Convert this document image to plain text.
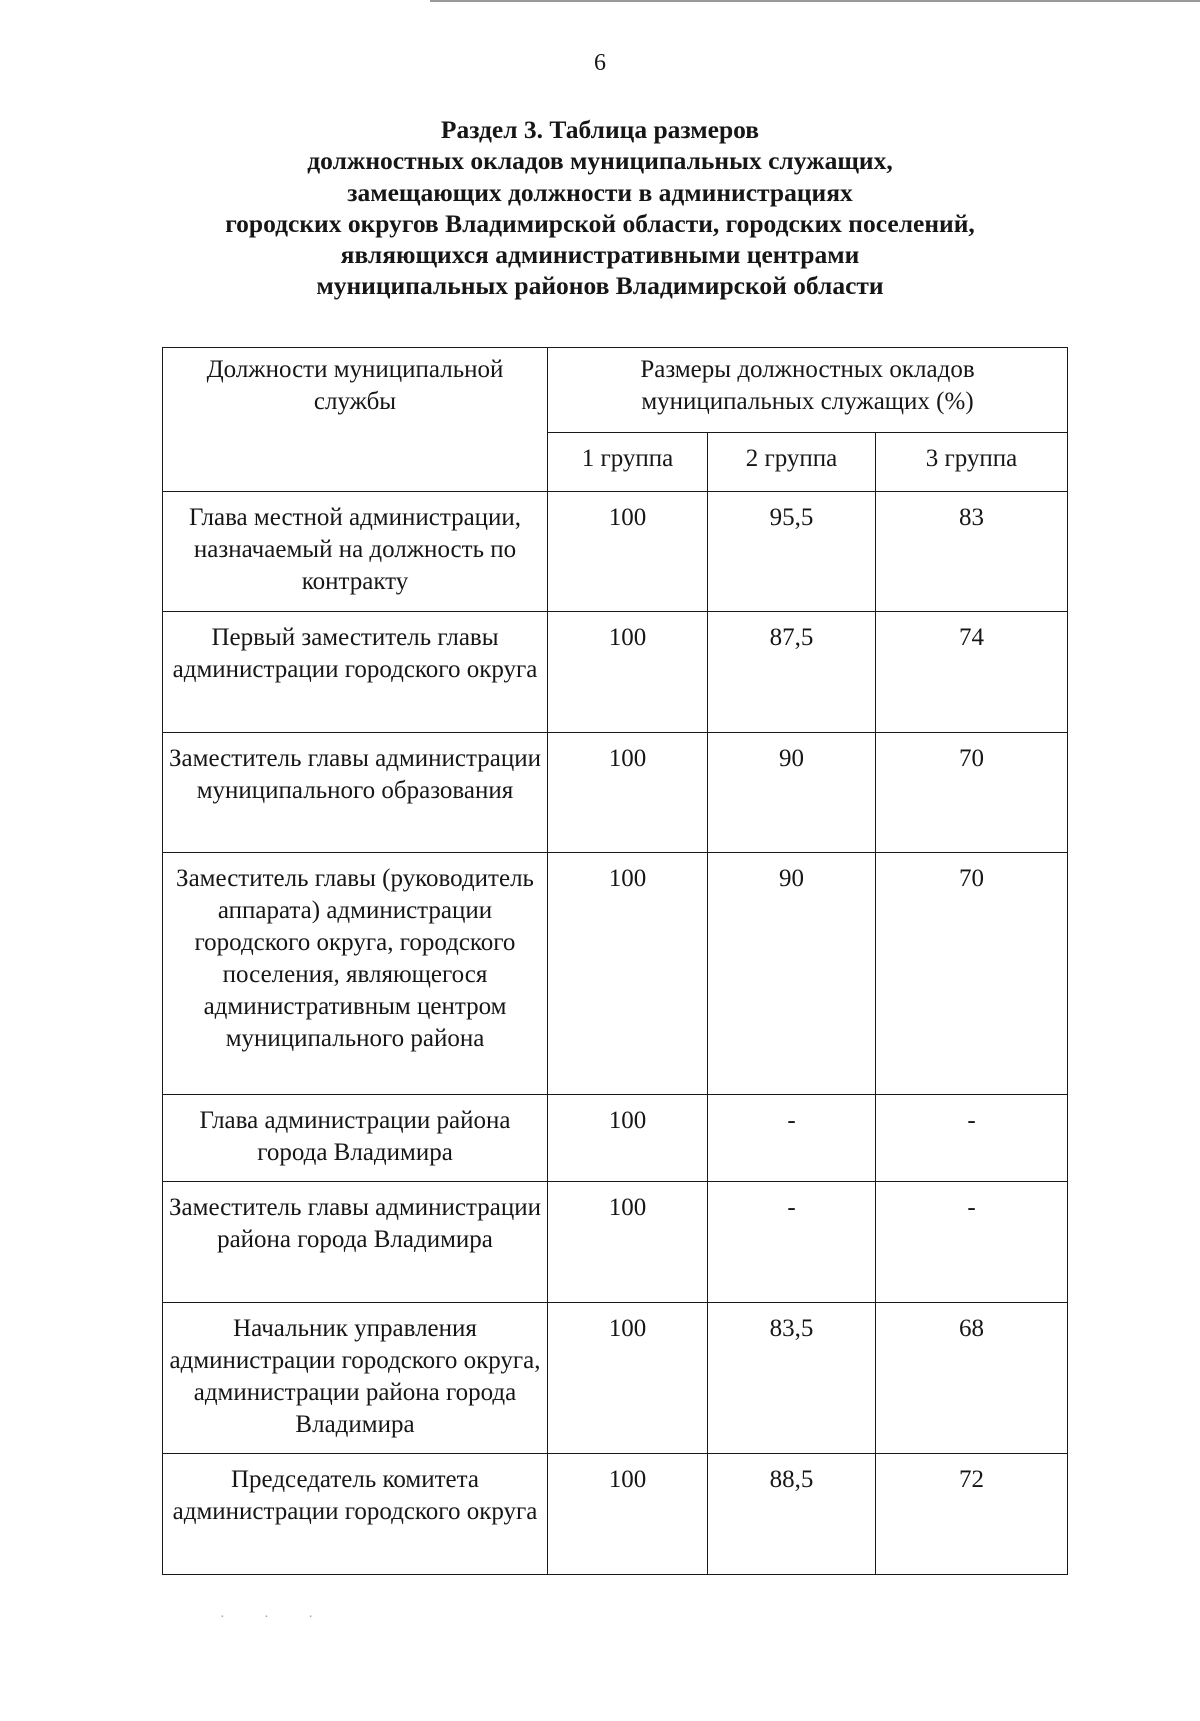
6
Раздел 3. Таблица размеров
должностных окладов муниципальных служащих,
замещающих должности в администрациях
городских округов Владимирской области, городских поселений,
являющихся административными центрами
муниципальных районов Владимирской области
Должности муниципальной службы	Размеры должностных окладов муниципальных служащих (%)		
	1 группа	2 группа	3 группа
Глава местной администрации, назначаемый на должность по контракту	100	95,5	83
Первый заместитель главы администрации городского округа	100	87,5	74
Заместитель главы администрации муниципального образования	100	90	70
Заместитель главы (руководитель аппарата) администрации городского округа, городского поселения, являющегося административным центром муниципального района	100	90	70
Глава администрации района города Владимира	100	-	-
Заместитель главы администрации района города Владимира	100	-	-
Начальник управления администрации городского округа, администрации района города Владимира	100	83,5	68
Председатель комитета администрации городского округа	100	88,5	72
· · ·
